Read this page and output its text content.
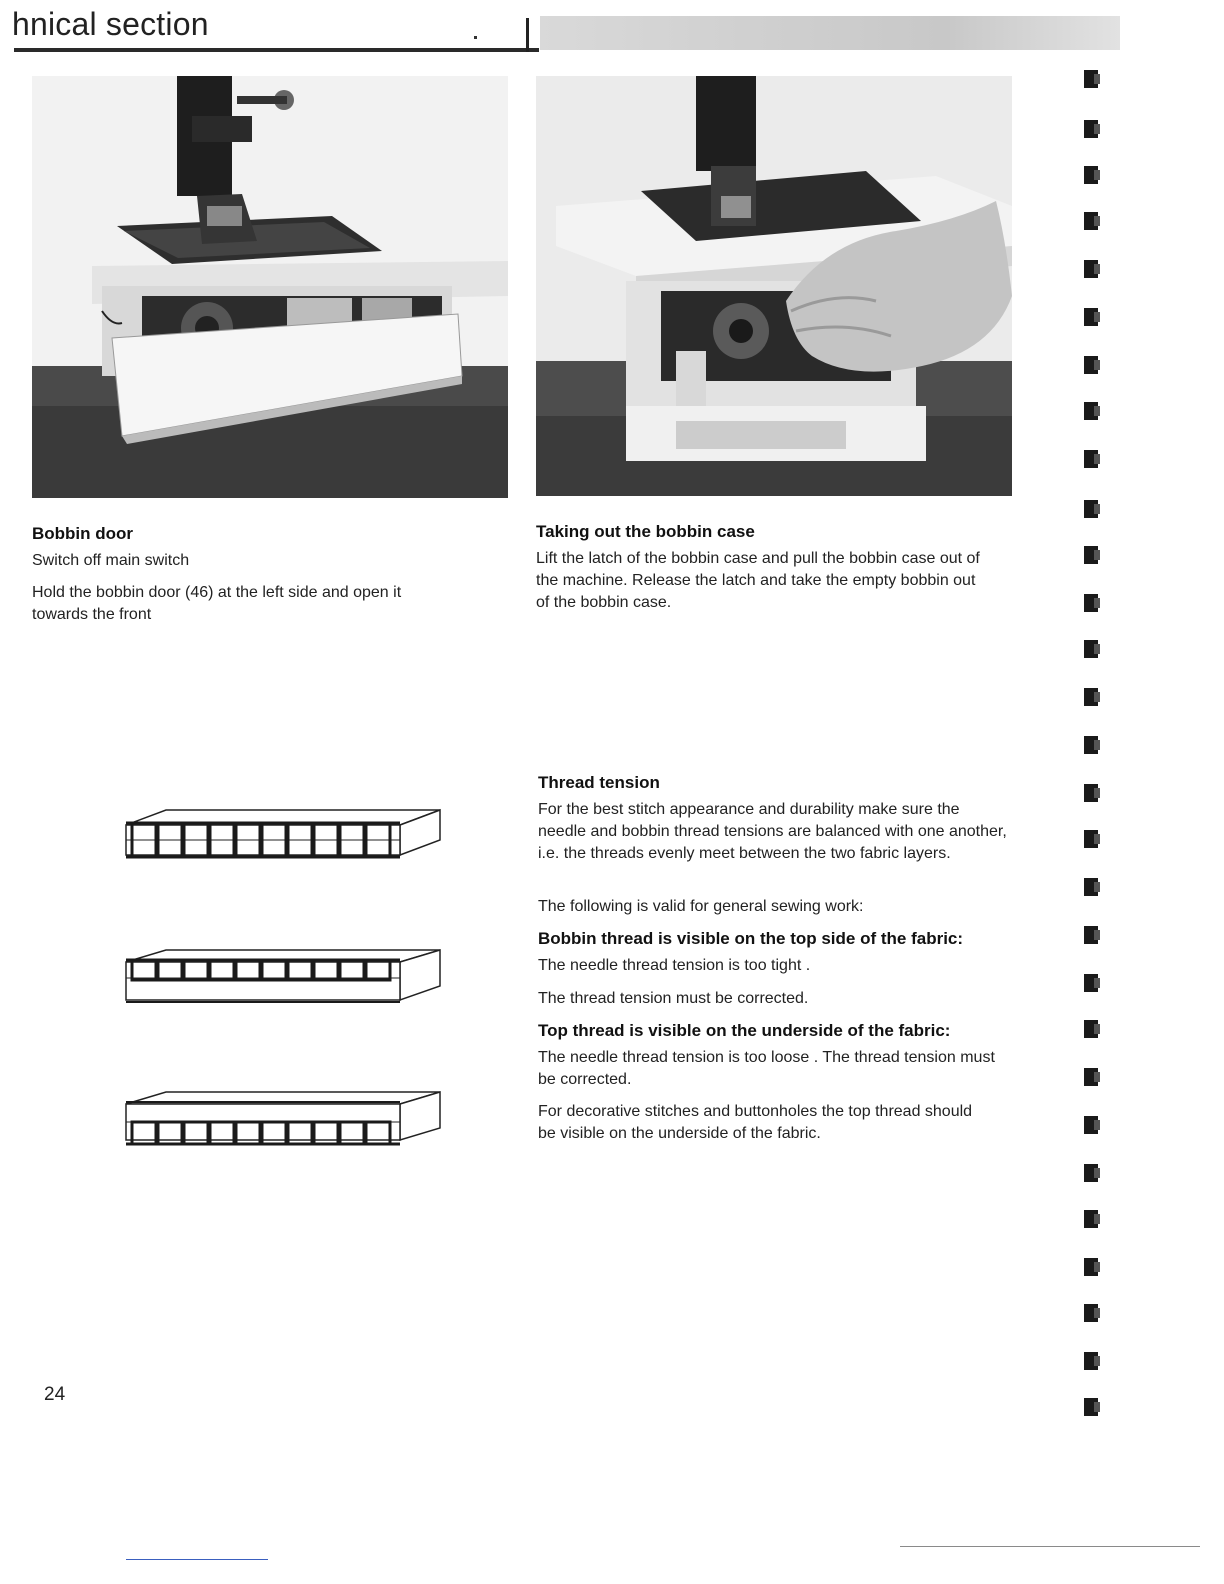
hnical section
Bobbin door
Switch off main switch
Hold the bobbin door (46) at the left side and open it towards the front
Taking out the bobbin case
Lift the latch of the bobbin case and pull the bobbin case out of the machine. Release the latch and take the empty bobbin out of the bobbin case.
Thread tension
For the best stitch appearance and durability make sure the needle and bobbin thread tensions are balanced with one another, i.e. the threads evenly meet between the two fabric layers.
The following is valid for general sewing work:
Bobbin thread is visible on the top side of the fabric:
The needle thread tension is too tight .
The thread tension must be corrected.
Top thread is visible on the underside of the fabric:
The needle thread tension is too loose . The thread tension must be corrected.
For decorative stitches and buttonholes the top thread should be visible on the underside of the fabric.
24
